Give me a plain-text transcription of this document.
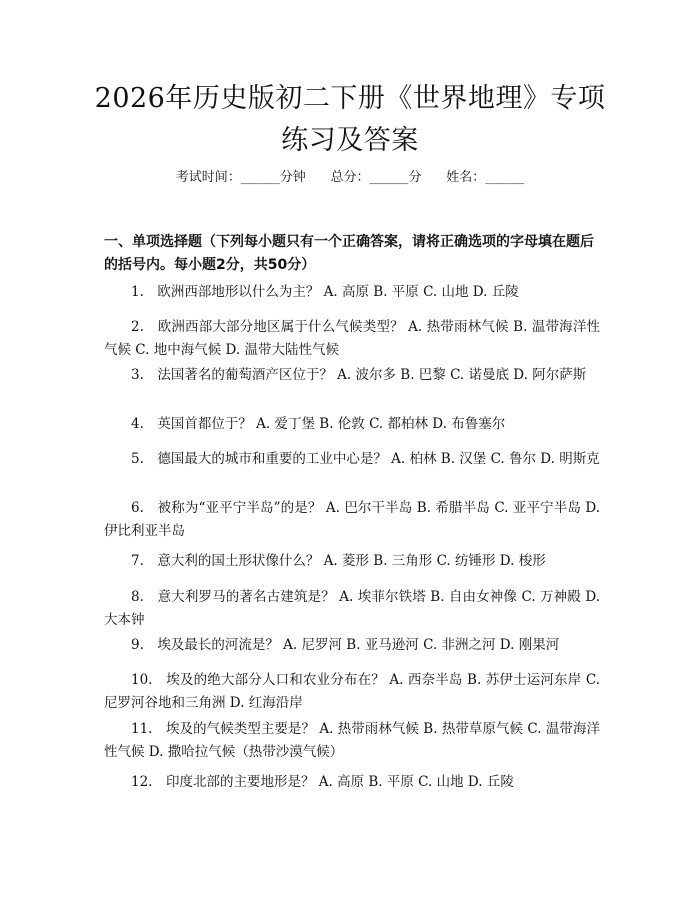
2026年历史版初二下册《世界地理》专项练习及答案
考试时间：______分钟      总分：______分      姓名：______
一、单项选择题（下列每小题只有一个正确答案，请将正确选项的字母填在题后的括号内。每小题2分，共50分）

1.　欧洲西部地形以什么为主？ A. 高原 B. 平原 C. 山地 D. 丘陵

2.　欧洲西部大部分地区属于什么气候类型？ A. 热带雨林气候 B. 温带海洋性气候 C. 地中海气候 D. 温带大陆性气候

3.　法国著名的葡萄酒产区位于？ A. 波尔多 B. 巴黎 C. 诺曼底 D. 阿尔萨斯

4.　英国首都位于？ A. 爱丁堡 B. 伦敦 C. 都柏林 D. 布鲁塞尔

5.　德国最大的城市和重要的工业中心是？ A. 柏林 B. 汉堡 C. 鲁尔 D. 明斯克

6.　被称为“亚平宁半岛”的是？ A. 巴尔干半岛 B. 希腊半岛 C. 亚平宁半岛 D. 伊比利亚半岛

7.　意大利的国土形状像什么？ A. 菱形 B. 三角形 C. 纺锤形 D. 梭形

8.　意大利罗马的著名古建筑是？ A. 埃菲尔铁塔 B. 自由女神像 C. 万神殿 D. 大本钟

9.　埃及最长的河流是？ A. 尼罗河 B. 亚马逊河 C. 非洲之河 D. 刚果河

10.　埃及的绝大部分人口和农业分布在？ A. 西奈半岛 B. 苏伊士运河东岸 C. 尼罗河谷地和三角洲 D. 红海沿岸

11.　埃及的气候类型主要是？ A. 热带雨林气候 B. 热带草原气候 C. 温带海洋性气候 D. 撒哈拉气候（热带沙漠气候）

12.　印度北部的主要地形是？ A. 高原 B. 平原 C. 山地 D. 丘陵
